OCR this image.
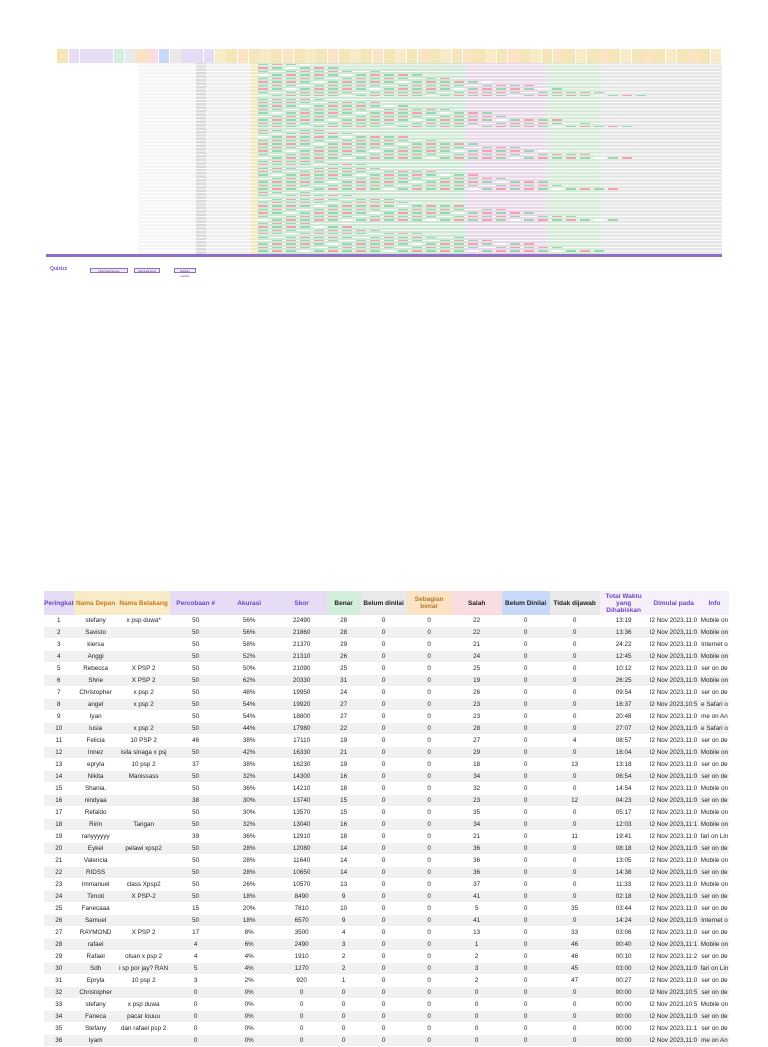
Quizizz	Lihat detail laporan	Download Excel	Bagikan Laporan
Peringkat	Nama Depan	Nama Belakang	Percobaan #	Akurasi	Skor	Benar	Belum dinilai	Sebagian benar	Salah	Belum Dinilai	Tidak dijawab	Total Waktu yang Dihabiskan	Dimulai pada	Info
1	stefany	x psp duwa*	50	56%	22490	28	0	0	22	0	0	13:19	l2 Nov 2023,11:0	Mobile on
2	Savisto		50	56%	21860	28	0	0	22	0	0	13:36	l2 Nov 2023,11:0	Mobile on
3	kiersa		50	58%	21370	29	0	0	21	0	0	24:22	l2 Nov 2023,11:0	Internet o
4	Anggi		50	52%	21310	26	0	0	24	0	0	12:45	l2 Nov 2023,11:0	Mobile on
5	Rebecca	X PSP 2	50	50%	21090	25	0	0	25	0	0	10:12	l2 Nov 2023,11:0	ser on de
6	Shrie	X PSP 2	50	62%	20330	31	0	0	19	0	0	26:25	l2 Nov 2023,11:0	Mobile on
7	Christopher	x psp 2	50	48%	19950	24	0	0	26	0	0	09:54	l2 Nov 2023,11:0	ser on de
8	angel	x psp 2	50	54%	19920	27	0	0	23	0	0	16:37	l2 Nov 2023,10:5	e Safari o
9	Iyan		50	54%	18800	27	0	0	23	0	0	20:48	l2 Nov 2023,11:0	me on An
10	lusia	x psp 2	50	44%	17980	22	0	0	28	0	0	27:07	l2 Nov 2023,11:0	e Safari o
11	Felicia	10 PSP 2	46	38%	17110	19	0	0	27	0	4	08:57	l2 Nov 2023,11:0	ser on de
12	Innez	isila sinaga x psj	50	42%	16330	21	0	0	29	0	0	16:04	l2 Nov 2023,11:0	Mobile on
13	epryla	10 psp 2	37	38%	16230	19	0	0	18	0	13	13:18	l2 Nov 2023,11:0	ser on de
14	Nikita	Manissass	50	32%	14300	16	0	0	34	0	0	06:54	l2 Nov 2023,11:0	ser on de
15	Shania.		50	36%	14210	18	0	0	32	0	0	14:54	l2 Nov 2023,11:0	Mobile on
16	nindyaa		38	30%	13740	15	0	0	23	0	12	04:23	l2 Nov 2023,11:0	ser on de
17	Refaldo		50	30%	13570	15	0	0	35	0	0	05:17	l2 Nov 2023,11:0	Mobile on
18	Ririn	Tarigan	50	32%	13040	16	0	0	34	0	0	12:03	l2 Nov 2023,11:1	Mobile on
19	ranyyyyyy		39	36%	12910	18	0	0	21	0	11	19:41	l2 Nov 2023,11:0	fari on Lin
20	Eykel	pelawi xpsp2	50	28%	12080	14	0	0	36	0	0	08:18	l2 Nov 2023,11:0	ser on de
21	Valencia		50	28%	11640	14	0	0	36	0	0	13:05	l2 Nov 2023,11:0	Mobile on
22	RIDSS		50	28%	10650	14	0	0	36	0	0	14:38	l2 Nov 2023,11:0	ser on de
23	Immanuel	class Xpsp2	50	26%	10570	13	0	0	37	0	0	11:33	l2 Nov 2023,11:0	Mobile on
24	Timoti	X PSP-2	50	18%	8490	9	0	0	41	0	0	02:18	l2 Nov 2023,11:0	ser on de
25	Fanecaaa		15	20%	7810	10	0	0	5	0	35	03:44	l2 Nov 2023,11:0	ser on de
26	Samuel		50	18%	6570	9	0	0	41	0	0	14:24	l2 Nov 2023,11:0	Internet o
27	RAYMOND	X PSP 2	17	8%	3500	4	0	0	13	0	33	03:06	l2 Nov 2023,11:0	ser on de
28	rafael		4	6%	2490	3	0	0	1	0	46	00:40	l2 Nov 2023,11:1	Mobile on
29	Rafael	olsan x psp 2	4	4%	1910	2	0	0	2	0	46	00:10	l2 Nov 2023,11:2	ser on de
30	Sdh	i sp por jay? RAN	5	4%	1270	2	0	0	3	0	45	03:00	l2 Nov 2023,11:0	fari on Lin
31	Epryla	10 psp 2	3	2%	920	1	0	0	2	0	47	00:27	l2 Nov 2023,11:0	ser on de
32	Christopher		0	0%	0	0	0	0	0	0	0	00:00	l2 Nov 2023,10:5	ser on de
33	stefany	x psp duwa	0	0%	0	0	0	0	0	0	0	00:00	l2 Nov 2023,10:5	Mobile on
34	Faneca	pacar louuu	0	0%	0	0	0	0	0	0	0	00:00	l2 Nov 2023,11:0	ser on de
35	Stefany	dan rafael psp 2	0	0%	0	0	0	0	0	0	0	00:00	l2 Nov 2023,11:1	ser on de
36	Iyam		0	0%	0	0	0	0	0	0	0	00:00	l2 Nov 2023,11:0	me on An
